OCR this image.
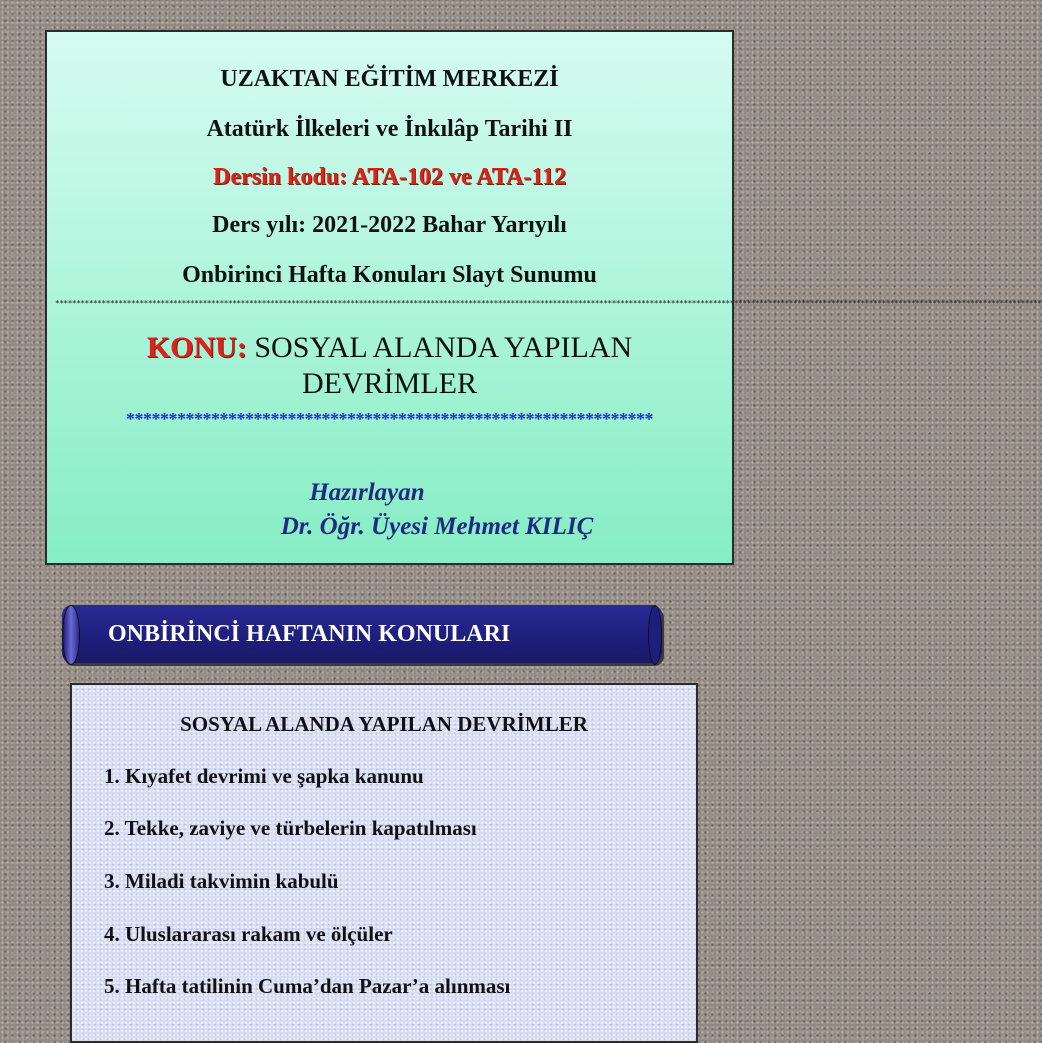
UZAKTAN EĞİTİM MERKEZİ
Atatürk İlkeleri ve İnkılâp Tarihi II
Dersin kodu: ATA-102 ve ATA-112
Ders yılı: 2021-2022 Bahar Yarıyılı
Onbirinci Hafta Konuları Slayt Sunumu
******************************************************************************************************************************************************************************************************************************************
KONU: SOSYAL ALANDA YAPILAN DEVRİMLER
**************************************************************
Hazırlayan
Dr. Öğr. Üyesi Mehmet KILIÇ
ONBİRİNCİ HAFTANIN KONULARI
SOSYAL ALANDA YAPILAN DEVRİMLER
1. Kıyafet devrimi ve şapka kanunu
2. Tekke, zaviye ve türbelerin kapatılması
3. Miladi takvimin kabulü
4. Uluslararası rakam ve ölçüler
5. Hafta tatilinin Cuma’dan Pazar’a alınması
